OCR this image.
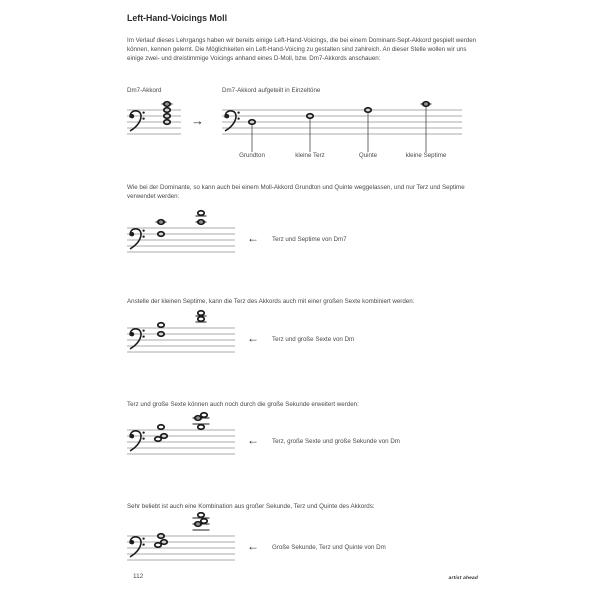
Left-Hand-Voicings Moll
Im Verlauf dieses Lehrgangs haben wir bereits einige Left-Hand-Voicings, die bei einem Dominant-Sept-Akkord gespielt werden können, kennen gelernt. Die Möglichkeiten ein Left-Hand-Voicing zu gestalten sind zahlreich. An dieser Stelle wollen wir uns einige zwei- und dreistimmige Voicings anhand eines D-Moll, bzw. Dm7-Akkords anschauen:
Dm7-Akkord	Dm7-Akkord aufgeteilt in Einzeltöne
→
Grundton	kleine Terz	Quinte	kleine Septime
Wie bei der Dominante, so kann auch bei einem Moll-Akkord Grundton und Quinte weggelassen, und nur Terz und Septime verwendet werden:
← Terz und Septime von Dm7
Anstelle der kleinen Septime, kann die Terz des Akkords auch mit einer großen Sexte kombiniert werden:
← Terz und große Sexte von Dm
Terz und große Sexte können auch noch durch die große Sekunde erweitert werden:
← Terz, große Sexte und große Sekunde von Dm
Sehr beliebt ist auch eine Kombination aus großer Sekunde, Terz und Quinte des Akkords:
← Große Sekunde, Terz und Quinte von Dm
112	artist ahead
